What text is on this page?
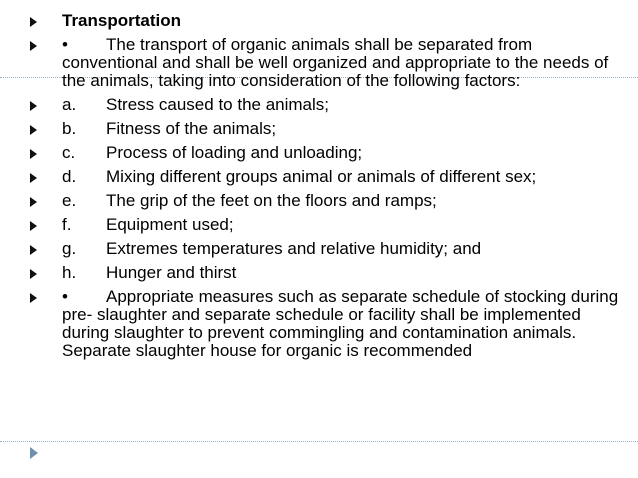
Transportation

• The transport of organic animals shall be separated from conventional and shall be well organized and appropriate to the needs of the animals, taking into consideration of the following factors:

a. Stress caused to the animals;

b. Fitness of the animals;

c. Process of loading and unloading;

d. Mixing different groups animal or animals of different sex;

e. The grip of the feet on the floors and ramps;

f. Equipment used;

g. Extremes temperatures and relative humidity; and

h. Hunger and thirst

• Appropriate measures such as separate schedule of stocking during pre- slaughter and separate schedule or facility shall be implemented during slaughter to prevent commingling and contamination animals. Separate slaughter house for organic is recommended
